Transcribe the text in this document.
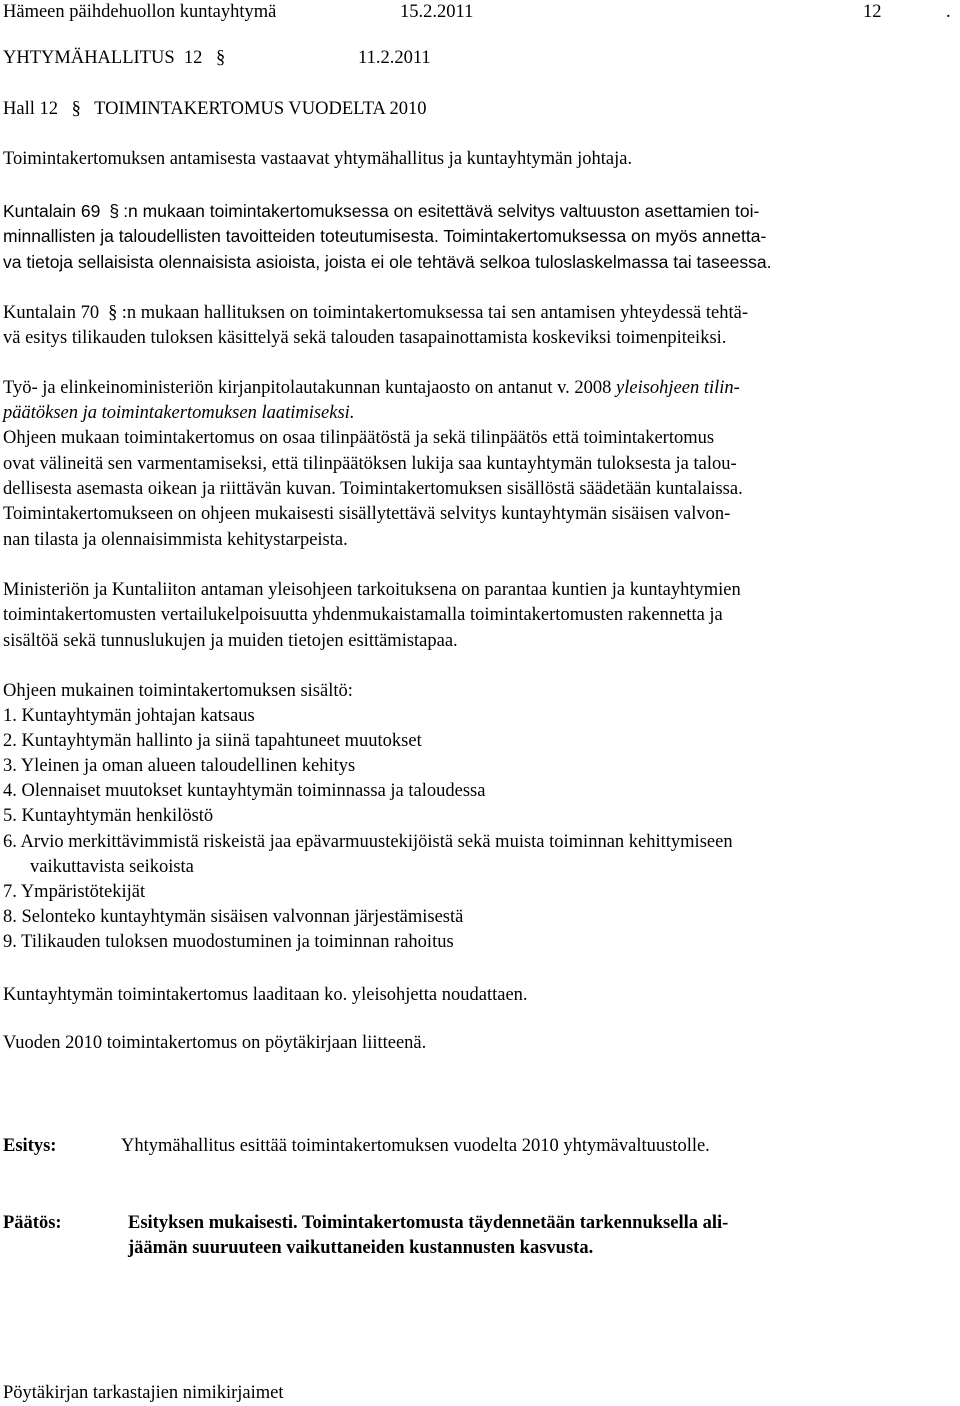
Hämeen päihdehuollon kuntayhtymä	15.2.2011	12	.
YHTYMÄHALLITUS 12 §	11.2.2011
Hall 12 § TOIMINTAKERTOMUS VUODELTA 2010
Toimintakertomuksen antamisesta vastaavat yhtymähallitus ja kuntayhtymän johtaja.
Kuntalain 69 § :n mukaan toimintakertomuksessa on esitettävä selvitys valtuuston asettamien toi-
minnallisten ja taloudellisten tavoitteiden toteutumisesta. Toimintakertomuksessa on myös annetta-
va tietoja sellaisista olennaisista asioista, joista ei ole tehtävä selkoa tuloslaskelmassa tai taseessa.
Kuntalain 70 § :n mukaan hallituksen on toimintakertomuksessa tai sen antamisen yhteydessä tehtä-
vä esitys tilikauden tuloksen käsittelyä sekä talouden tasapainottamista koskeviksi toimenpiteiksi.
Työ- ja elinkeinoministeriön kirjanpitolautakunnan kuntajaosto on antanut v. 2008 yleisohjeen tilin-
päätöksen ja toimintakertomuksen laatimiseksi.
Ohjeen mukaan toimintakertomus on osaa tilinpäätöstä ja sekä tilinpäätös että toimintakertomus
ovat välineitä sen varmentamiseksi, että tilinpäätöksen lukija saa kuntayhtymän tuloksesta ja talou-
dellisesta asemasta oikean ja riittävän kuvan. Toimintakertomuksen sisällöstä säädetään kuntalaissa.
Toimintakertomukseen on ohjeen mukaisesti sisällytettävä selvitys kuntayhtymän sisäisen valvon-
nan tilasta ja olennaisimmista kehitystarpeista.
Ministeriön ja Kuntaliiton antaman yleisohjeen tarkoituksena on parantaa kuntien ja kuntayhtymien
toimintakertomusten vertailukelpoisuutta yhdenmukaistamalla toimintakertomusten rakennetta ja
sisältöä sekä tunnuslukujen ja muiden tietojen esittämistapaa.
Ohjeen mukainen toimintakertomuksen sisältö:
1. Kuntayhtymän johtajan katsaus
2. Kuntayhtymän hallinto ja siinä tapahtuneet muutokset
3. Yleinen ja oman alueen taloudellinen kehitys
4. Olennaiset muutokset kuntayhtymän toiminnassa ja taloudessa
5. Kuntayhtymän henkilöstö
6. Arvio merkittävimmistä riskeistä jaa epävarmuustekijöistä sekä muista toiminnan kehittymiseen
vaikuttavista seikoista
7. Ympäristötekijät
8. Selonteko kuntayhtymän sisäisen valvonnan järjestämisestä
9. Tilikauden tuloksen muodostuminen ja toiminnan rahoitus
Kuntayhtymän toimintakertomus laaditaan ko. yleisohjetta noudattaen.
Vuoden 2010 toimintakertomus on pöytäkirjaan liitteenä.
Esitys:	Yhtymähallitus esittää toimintakertomuksen vuodelta 2010 yhtymävaltuustolle.
Päätös:	Esityksen mukaisesti. Toimintakertomusta täydennetään tarkennuksella ali-
jäämän suuruuteen vaikuttaneiden kustannusten kasvusta.
Pöytäkirjan tarkastajien nimikirjaimet
